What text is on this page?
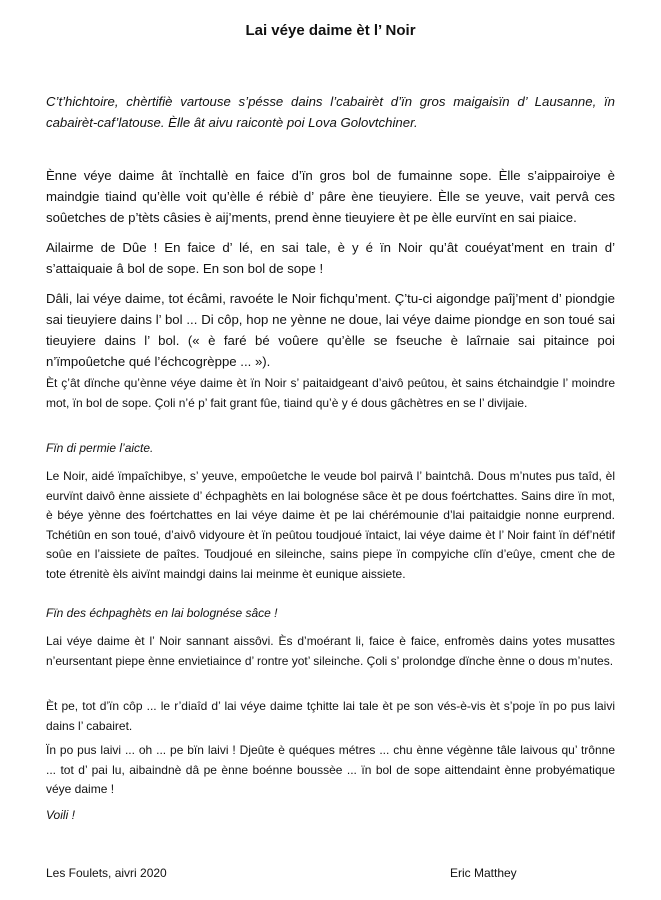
Lai véye daime èt l’ Noir
C’t’hichtoire, chèrtifiè vartouse s’pésse dains l’cabairèt d’ïn gros maigaisïn d’ Lausanne, ïn cabairèt-caf’latouse. Èlle ât aivu raicontè poi Lova Golovtchiner.
Ènne véye daime ât ïnchtallè en faice d’ïn gros bol de fumainne sope. Èlle s’aippairoiye è maindgie tiaind qu’èlle voit qu’èlle é rébiè d’ pâre ène tieuyiere. Èlle se yeuve, vait pervâ ces soûetches de p’tèts câsies è aij’ments, prend ènne tieuyiere èt pe èlle eurvïnt en sai piaice.
Ailairme de Dûe ! En faice d’ lé, en sai tale, è y é ïn Noir qu’ât couéyat’ment en train d’ s’attaiquaie â bol de sope. En son bol de sope !
Dâli, lai véye daime, tot écâmi, ravoéte le Noir fichqu’ment. Ç’tu-ci aigondge paîj’ment d’ piondgie sai tieuyiere dains l’ bol ... Di côp, hop ne yènne ne doue, lai véye daime piondge en son toué sai tieuyiere dains l’ bol. (« è faré bé voûere qu’èlle se fseuche è laîrnaie sai pitaince poi n’ïmpoûetche qué l’échcogrèppe ... »).
Èt ç’ât dïnche qu’ènne véye daime èt ïn Noir s’ paitaidgeant d’aivô peûtou, èt sains étchaindgie l’ moindre mot, ïn bol de sope. Çoli n’é p’ fait grant fûe, tiaind qu’è y é dous gâchètres en se l’ divijaie.
Fïn di permie l’aicte.
Le Noir, aidé ïmpaîchibye, s’ yeuve, empoûetche le veude bol pairvâ l’ baintchâ. Dous m’nutes pus taîd, èl eurvïnt daivô ènne aissiete d’ échpaghèts en lai bolognése sâce èt pe dous foértchattes. Sains dire ïn mot, è béye yènne des foértchattes en lai véye daime èt pe lai chérémounie d’lai paitaidgie nonne eurprend. Tchétiûn en son toué, d’aivô vidyoure èt ïn peûtou toudjoué ïntaict, lai véye daime èt l’ Noir faint ïn déf’nétif soûe en l’aissiete de paîtes. Toudjoué en sileinche, sains piepe ïn compyiche clïn d’eûye, cment che de tote étrenitè èls aivïnt maindgi dains lai meinme èt eunique aissiete.
Fïn des échpaghèts en lai bolognése sâce !
Lai véye daime èt l’ Noir sannant aissôvi. Ès d’moérant li, faice è faice, enfromès dains yotes musattes n’eursentant piepe ènne envietiaince d’ rontre yot’ sileinche. Çoli s’ prolondge dïnche ènne o dous m’nutes.
Èt pe, tot d’ïn côp ... le r’diaîd d’ lai véye daime tçhitte lai tale èt pe son vés-è-vis èt s’poje ïn po pus laivi dains l’ cabairet.
Ïn po pus laivi ... oh ... pe bïn laivi ! Djeûte è quéques métres ... chu ènne végènne tâle laivous qu’ trônne ... tot d’ pai lu, aibaindnè dâ pe ènne boénne boussèe ... ïn bol de sope aittendaint ènne probyématique véye daime !
Voili !
Les Foulets, aivri 2020	Eric Matthey
